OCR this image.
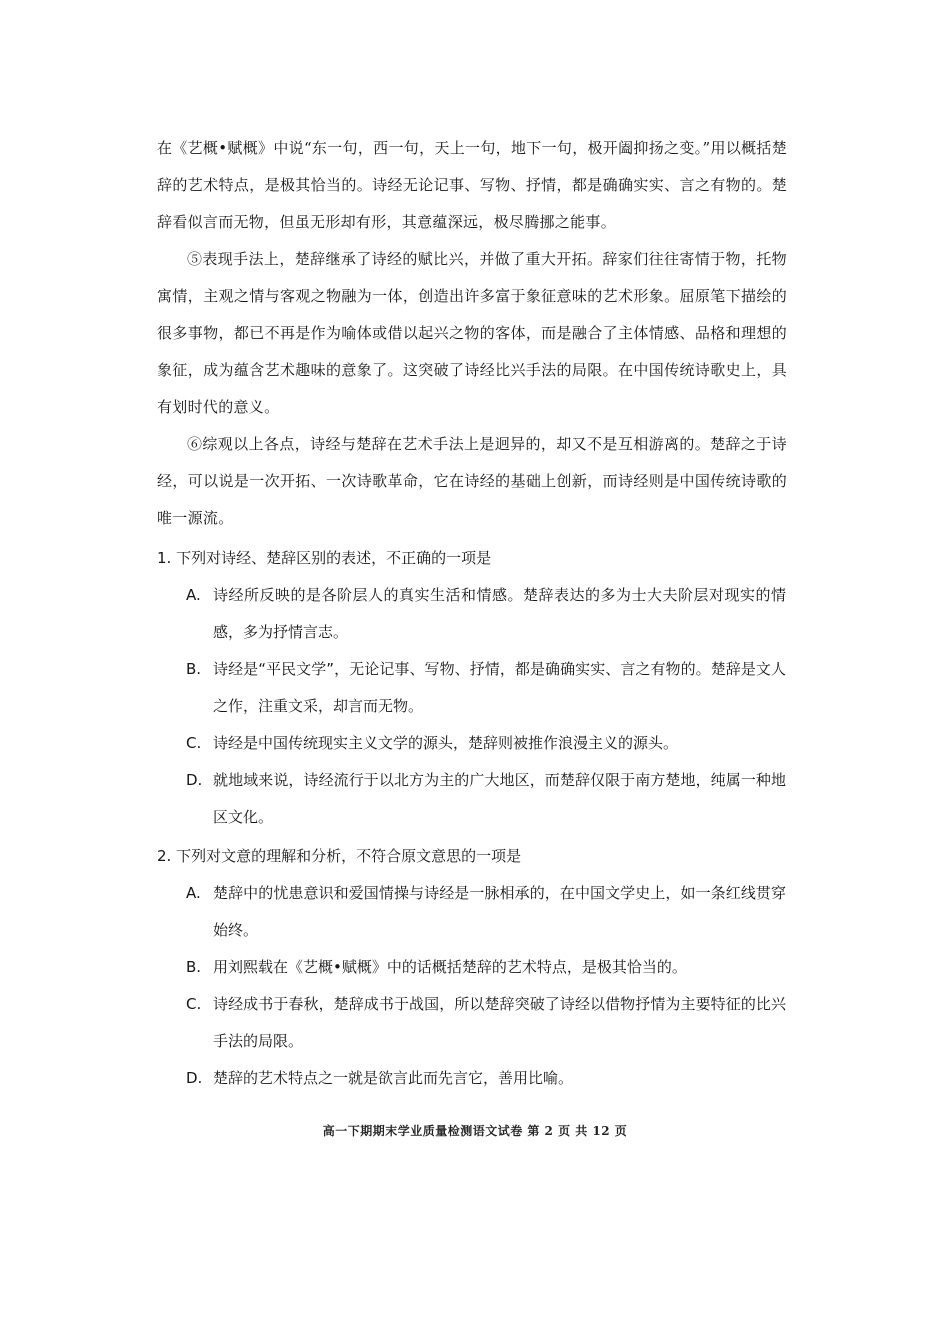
在《艺概•赋概》中说“东一句，西一句，天上一句，地下一句，极开阖抑扬之变。”用以概括楚辞的艺术特点，是极其恰当的。诗经无论记事、写物、抒情，都是确确实实、言之有物的。楚辞看似言而无物，但虽无形却有形，其意蕴深远，极尽腾挪之能事。

⑤表现手法上，楚辞继承了诗经的赋比兴，并做了重大开拓。辞家们往往寄情于物，托物寓情，主观之情与客观之物融为一体，创造出许多富于象征意味的艺术形象。屈原笔下描绘的很多事物，都已不再是作为喻体或借以起兴之物的客体，而是融合了主体情感、品格和理想的象征，成为蕴含艺术趣味的意象了。这突破了诗经比兴手法的局限。在中国传统诗歌史上，具有划时代的意义。

⑥综观以上各点，诗经与楚辞在艺术手法上是迥异的，却又不是互相游离的。楚辞之于诗经，可以说是一次开拓、一次诗歌革命，它在诗经的基础上创新，而诗经则是中国传统诗歌的唯一源流。

1. 下列对诗经、楚辞区别的表述，不正确的一项是

A. 诗经所反映的是各阶层人的真实生活和情感。楚辞表达的多为士大夫阶层对现实的情感，多为抒情言志。
B. 诗经是“平民文学”，无论记事、写物、抒情，都是确确实实、言之有物的。楚辞是文人之作，注重文采，却言而无物。
C. 诗经是中国传统现实主义文学的源头，楚辞则被推作浪漫主义的源头。
D. 就地域来说，诗经流行于以北方为主的广大地区，而楚辞仅限于南方楚地，纯属一种地区文化。

2. 下列对文意的理解和分析，不符合原文意思的一项是

A. 楚辞中的忧患意识和爱国情操与诗经是一脉相承的，在中国文学史上，如一条红线贯穿始终。
B. 用刘熙载在《艺概•赋概》中的话概括楚辞的艺术特点，是极其恰当的。
C. 诗经成书于春秋，楚辞成书于战国，所以楚辞突破了诗经以借物抒情为主要特征的比兴手法的局限。
D. 楚辞的艺术特点之一就是欲言此而先言它，善用比喻。
高一下期期末学业质量检测语文试卷 第 2 页 共 12 页
